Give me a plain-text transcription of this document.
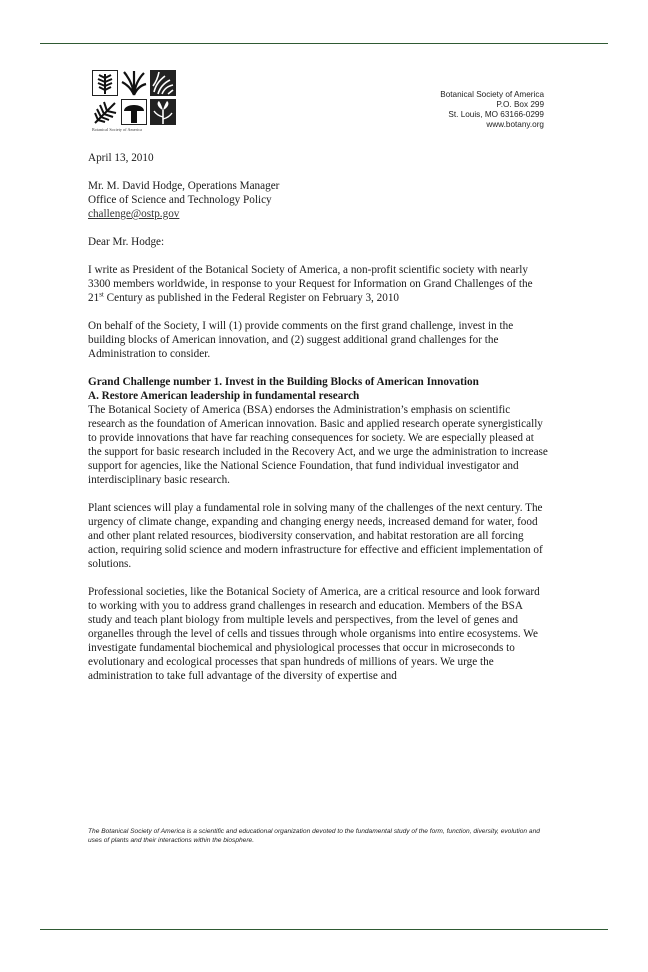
Botanical Society of America
Botanical Society of America
P.O. Box 299
St. Louis, MO 63166-0299
www.botany.org

April 13, 2010

Mr. M. David Hodge, Operations Manager

Office of Science and Technology Policy

challenge@ostp.gov

Dear Mr. Hodge:

I write as President of the Botanical Society of America, a non-profit scientific society with nearly 3300 members worldwide, in response to your Request for Information on Grand Challenges of the 21st Century as published in the Federal Register on February 3, 2010

On behalf of the Society, I will (1) provide comments on the first grand challenge, invest in the building blocks of American innovation, and (2) suggest additional grand challenges for the Administration to consider.

Grand Challenge number 1. Invest in the Building Blocks of American Innovation

A. Restore American leadership in fundamental research

The Botanical Society of America (BSA) endorses the Administration’s emphasis on scientific research as the foundation of American innovation. Basic and applied research operate synergistically to provide innovations that have far reaching consequences for society. We are especially pleased at the support for basic research included in the Recovery Act, and we urge the administration to increase support for agencies, like the National Science Foundation, that fund individual investigator and interdisciplinary basic research.

Plant sciences will play a fundamental role in solving many of the challenges of the next century. The urgency of climate change, expanding and changing energy needs, increased demand for water, food and other plant related resources, biodiversity conservation, and habitat restoration are all forcing action, requiring solid science and modern infrastructure for effective and efficient implementation of solutions.

Professional societies, like the Botanical Society of America, are a critical resource and look forward to working with you to address grand challenges in research and education. Members of the BSA study and teach plant biology from multiple levels and perspectives, from the level of genes and organelles through the level of cells and tissues through whole organisms into entire ecosystems. We investigate fundamental biochemical and physiological processes that occur in microseconds to evolutionary and ecological processes that span hundreds of millions of years. We urge the administration to take full advantage of the diversity of expertise and

The Botanical Society of America is a scientific and educational organization devoted to the fundamental study of the form, function, diversity, evolution and uses of plants and their interactions within the biosphere.
